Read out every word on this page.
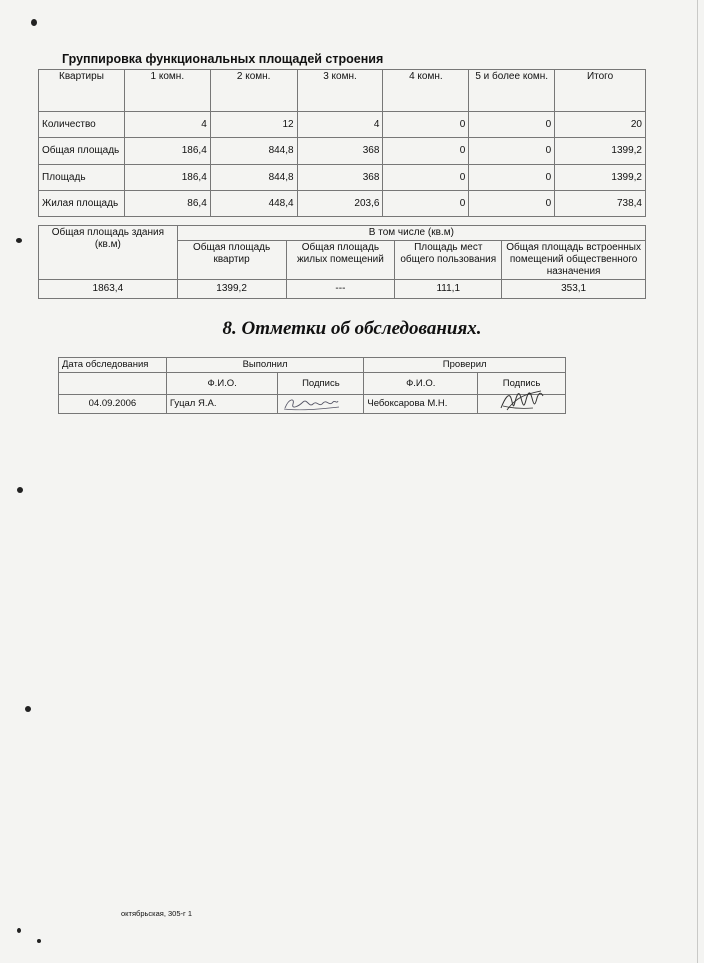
Группировка функциональных площадей строения
Квартиры	1 комн.	2 комн.	3 комн.	4 комн.	5 и более комн.	Итого
Количество	4	12	4	0	0	20
Общая площадь	186,4	844,8	368	0	0	1399,2
Площадь	186,4	844,8	368	0	0	1399,2
Жилая площадь	86,4	448,4	203,6	0	0	738,4
Общая площадь здания (кв.м)	В том числе (кв.м)			
	Общая площадь квартир	Общая площадь жилых помещений	Площадь мест общего пользования	Общая площадь встроенных помещений общественного назначения
1863,4	1399,2	---	111,1	353,1
8. Отметки об обследованиях.
Дата обследования	Выполнил		Проверил	
	Ф.И.О.	Подпись	Ф.И.О.	Подпись
04.09.2006	Гуцал Я.А.		Чебоксарова М.Н.	
октябрьская, 305-г 1
